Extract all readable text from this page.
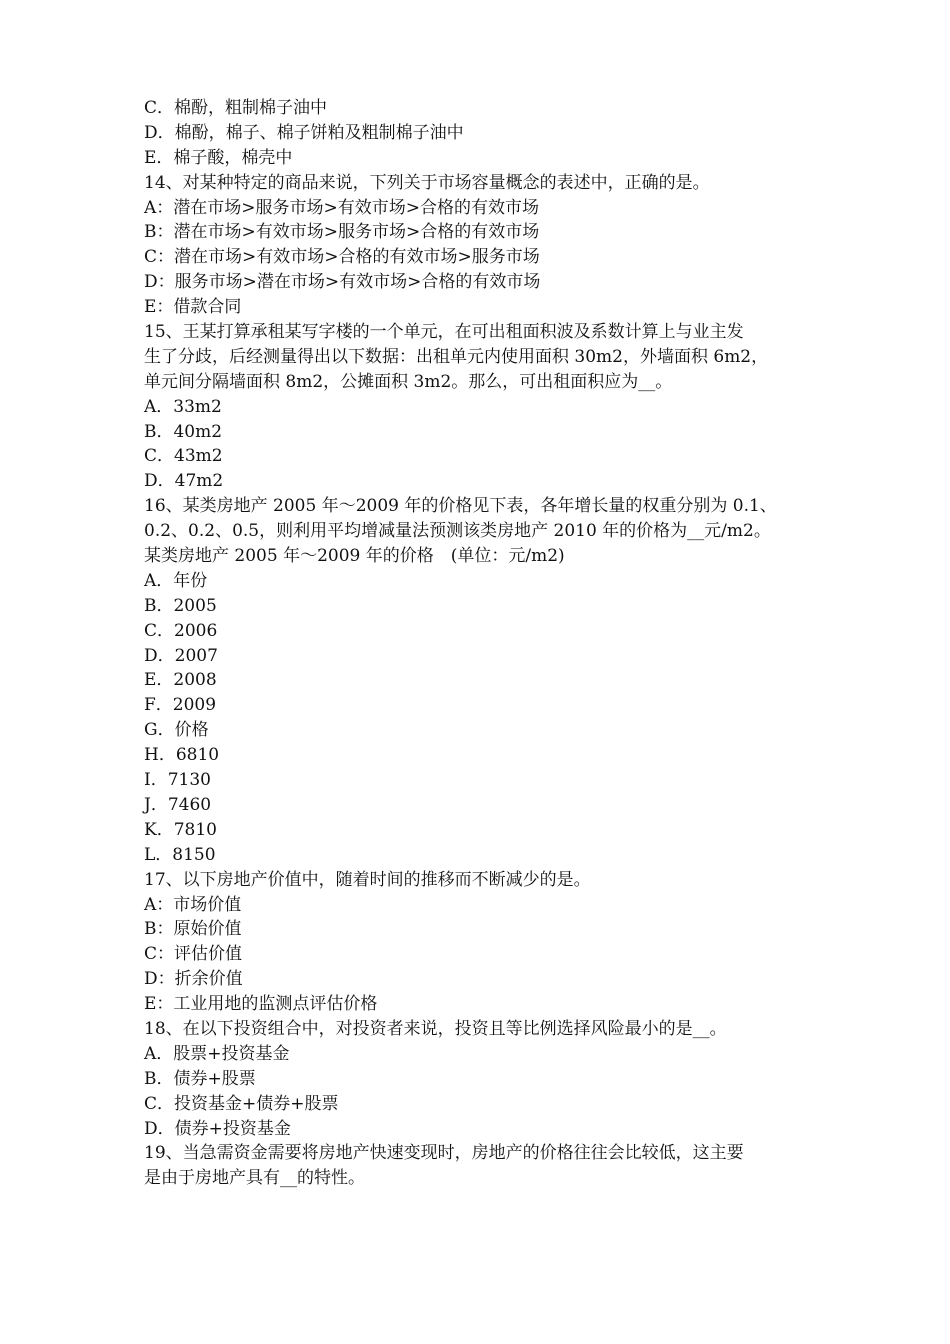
C．棉酚，粗制棉子油中
D．棉酚，棉子、棉子饼粕及粗制棉子油中
E．棉子酸，棉壳中
14、对某种特定的商品来说，下列关于市场容量概念的表述中，正确的是。
A：潜在市场>服务市场>有效市场>合格的有效市场
B：潜在市场>有效市场>服务市场>合格的有效市场
C：潜在市场>有效市场>合格的有效市场>服务市场
D：服务市场>潜在市场>有效市场>合格的有效市场
E：借款合同
15、王某打算承租某写字楼的一个单元，在可出租面积波及系数计算上与业主发
生了分歧，后经测量得出以下数据：出租单元内使用面积 30m2，外墙面积 6m2，
单元间分隔墙面积 8m2，公摊面积 3m2。那么，可出租面积应为__。
A．33m2
B．40m2
C．43m2
D．47m2
16、某类房地产 2005 年～2009 年的价格见下表，各年增长量的权重分别为 0.1、
0.2、0.2、0.5，则利用平均增减量法预测该类房地产 2010 年的价格为__元/m2。
某类房地产 2005 年～2009 年的价格　(单位：元/m2)
A．年份
B．2005
C．2006
D．2007
E．2008
F．2009
G．价格
H．6810
I．7130
J．7460
K．7810
L．8150
17、以下房地产价值中，随着时间的推移而不断减少的是。
A：市场价值
B：原始价值
C：评估价值
D：折余价值
E：工业用地的监测点评估价格
18、在以下投资组合中，对投资者来说，投资且等比例选择风险最小的是__。
A．股票+投资基金
B．债券+股票
C．投资基金+债券+股票
D．债券+投资基金
19、当急需资金需要将房地产快速变现时，房地产的价格往往会比较低，这主要
是由于房地产具有__的特性。
